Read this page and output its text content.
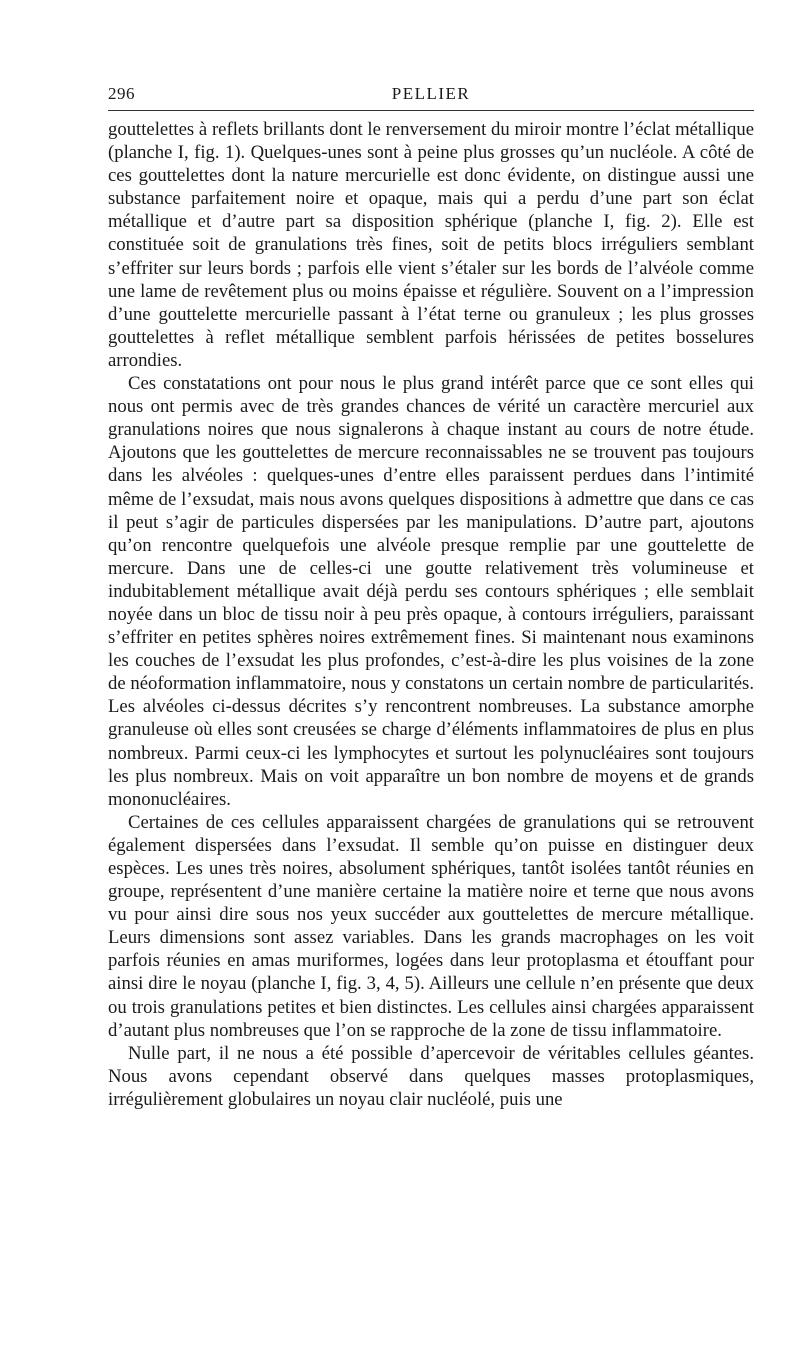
296	PELLIER

gouttelettes à reflets brillants dont le renversement du miroir montre l’éclat métallique (planche I, fig. 1). Quelques-unes sont à peine plus grosses qu’un nucléole. A côté de ces gouttelettes dont la nature mercurielle est donc évidente, on distingue aussi une substance parfaitement noire et opaque, mais qui a perdu d’une part son éclat métallique et d’autre part sa disposition sphérique (planche I, fig. 2). Elle est constituée soit de granulations très fines, soit de petits blocs irréguliers semblant s’effriter sur leurs bords ; parfois elle vient s’étaler sur les bords de l’alvéole comme une lame de revêtement plus ou moins épaisse et régulière. Souvent on a l’impression d’une gouttelette mercurielle passant à l’état terne ou granuleux ; les plus grosses gouttelettes à reflet métallique semblent parfois hérissées de petites bosselures arrondies.

Ces constatations ont pour nous le plus grand intérêt parce que ce sont elles qui nous ont permis avec de très grandes chances de vérité un caractère mercuriel aux granulations noires que nous signalerons à chaque instant au cours de notre étude. Ajoutons que les gouttelettes de mercure reconnaissables ne se trouvent pas toujours dans les alvéoles : quelques-unes d’entre elles paraissent perdues dans l’intimité même de l’exsudat, mais nous avons quelques dispositions à admettre que dans ce cas il peut s’agir de particules dispersées par les manipulations. D’autre part, ajoutons qu’on rencontre quelquefois une alvéole presque remplie par une gouttelette de mercure. Dans une de celles-ci une goutte relativement très volumineuse et indubitablement métallique avait déjà perdu ses contours sphériques ; elle semblait noyée dans un bloc de tissu noir à peu près opaque, à contours irréguliers, paraissant s’effriter en petites sphères noires extrêmement fines. Si maintenant nous examinons les couches de l’exsudat les plus profondes, c’est-à-dire les plus voisines de la zone de néoformation inflammatoire, nous y constatons un certain nombre de particularités. Les alvéoles ci-dessus décrites s’y rencontrent nombreuses. La substance amorphe granuleuse où elles sont creusées se charge d’éléments inflammatoires de plus en plus nombreux. Parmi ceux-ci les lymphocytes et surtout les polynucléaires sont toujours les plus nombreux. Mais on voit apparaître un bon nombre de moyens et de grands mononucléaires.

Certaines de ces cellules apparaissent chargées de granulations qui se retrouvent également dispersées dans l’exsudat. Il semble qu’on puisse en distinguer deux espèces. Les unes très noires, absolument sphériques, tantôt isolées tantôt réunies en groupe, représentent d’une manière certaine la matière noire et terne que nous avons vu pour ainsi dire sous nos yeux succéder aux gouttelettes de mercure métallique. Leurs dimensions sont assez variables. Dans les grands macrophages on les voit parfois réunies en amas muriformes, logées dans leur protoplasma et étouffant pour ainsi dire le noyau (planche I, fig. 3, 4, 5). Ailleurs une cellule n’en présente que deux ou trois granulations petites et bien distinctes. Les cellules ainsi chargées apparaissent d’autant plus nombreuses que l’on se rapproche de la zone de tissu inflammatoire.

Nulle part, il ne nous a été possible d’apercevoir de véritables cellules géantes. Nous avons cependant observé dans quelques masses protoplasmiques, irrégulièrement globulaires un noyau clair nucléolé, puis une
